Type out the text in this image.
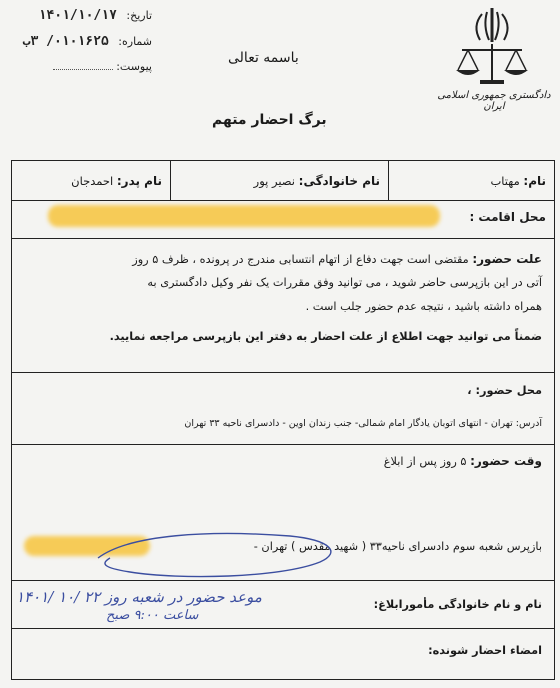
دادگستری جمهوری اسلامی ایران
تاریخ: ۱۴۰۱/۱۰/۱۷
شماره: ۰۱۰۱۶۲۵/ ۳ب
پیوست:
باسمه تعالی
برگ احضار متهم
نام: مهتاب
نام خانوادگی: نصیر پور
نام پدر: احمدجان
محل اقامت :
علت حضور: مقتضی است جهت دفاع از اتهام انتسابی مندرج در پرونده ، ظرف ۵ روز
آتی در این بازپرسی حاضر شوید ، می توانید وفق مقررات یک نفر وکیل دادگستری به
همراه داشته باشید ، نتیجه عدم حضور جلب است .
ضمناً می توانید جهت اطلاع از علت احضار به دفتر این بازپرسی مراجعه نمایید.
محل حضور: ،
آدرس: تهران - انتهای اتوبان یادگار امام شمالی- جنب زندان اوین - دادسرای ناحیه ۳۳ تهران
وقت حضور: ۵ روز پس از ابلاغ
بازپرس شعبه سوم دادسرای ناحیه۳۳ ( شهید مقدس ) تهران -
نام و نام خانوادگی مأمورابلاغ:
موعد حضور در شعبه روز ۲۲ /۱۰ /۱۴۰۱
ساعت ۹:۰۰ صبح
امضاء احضار شونده:
